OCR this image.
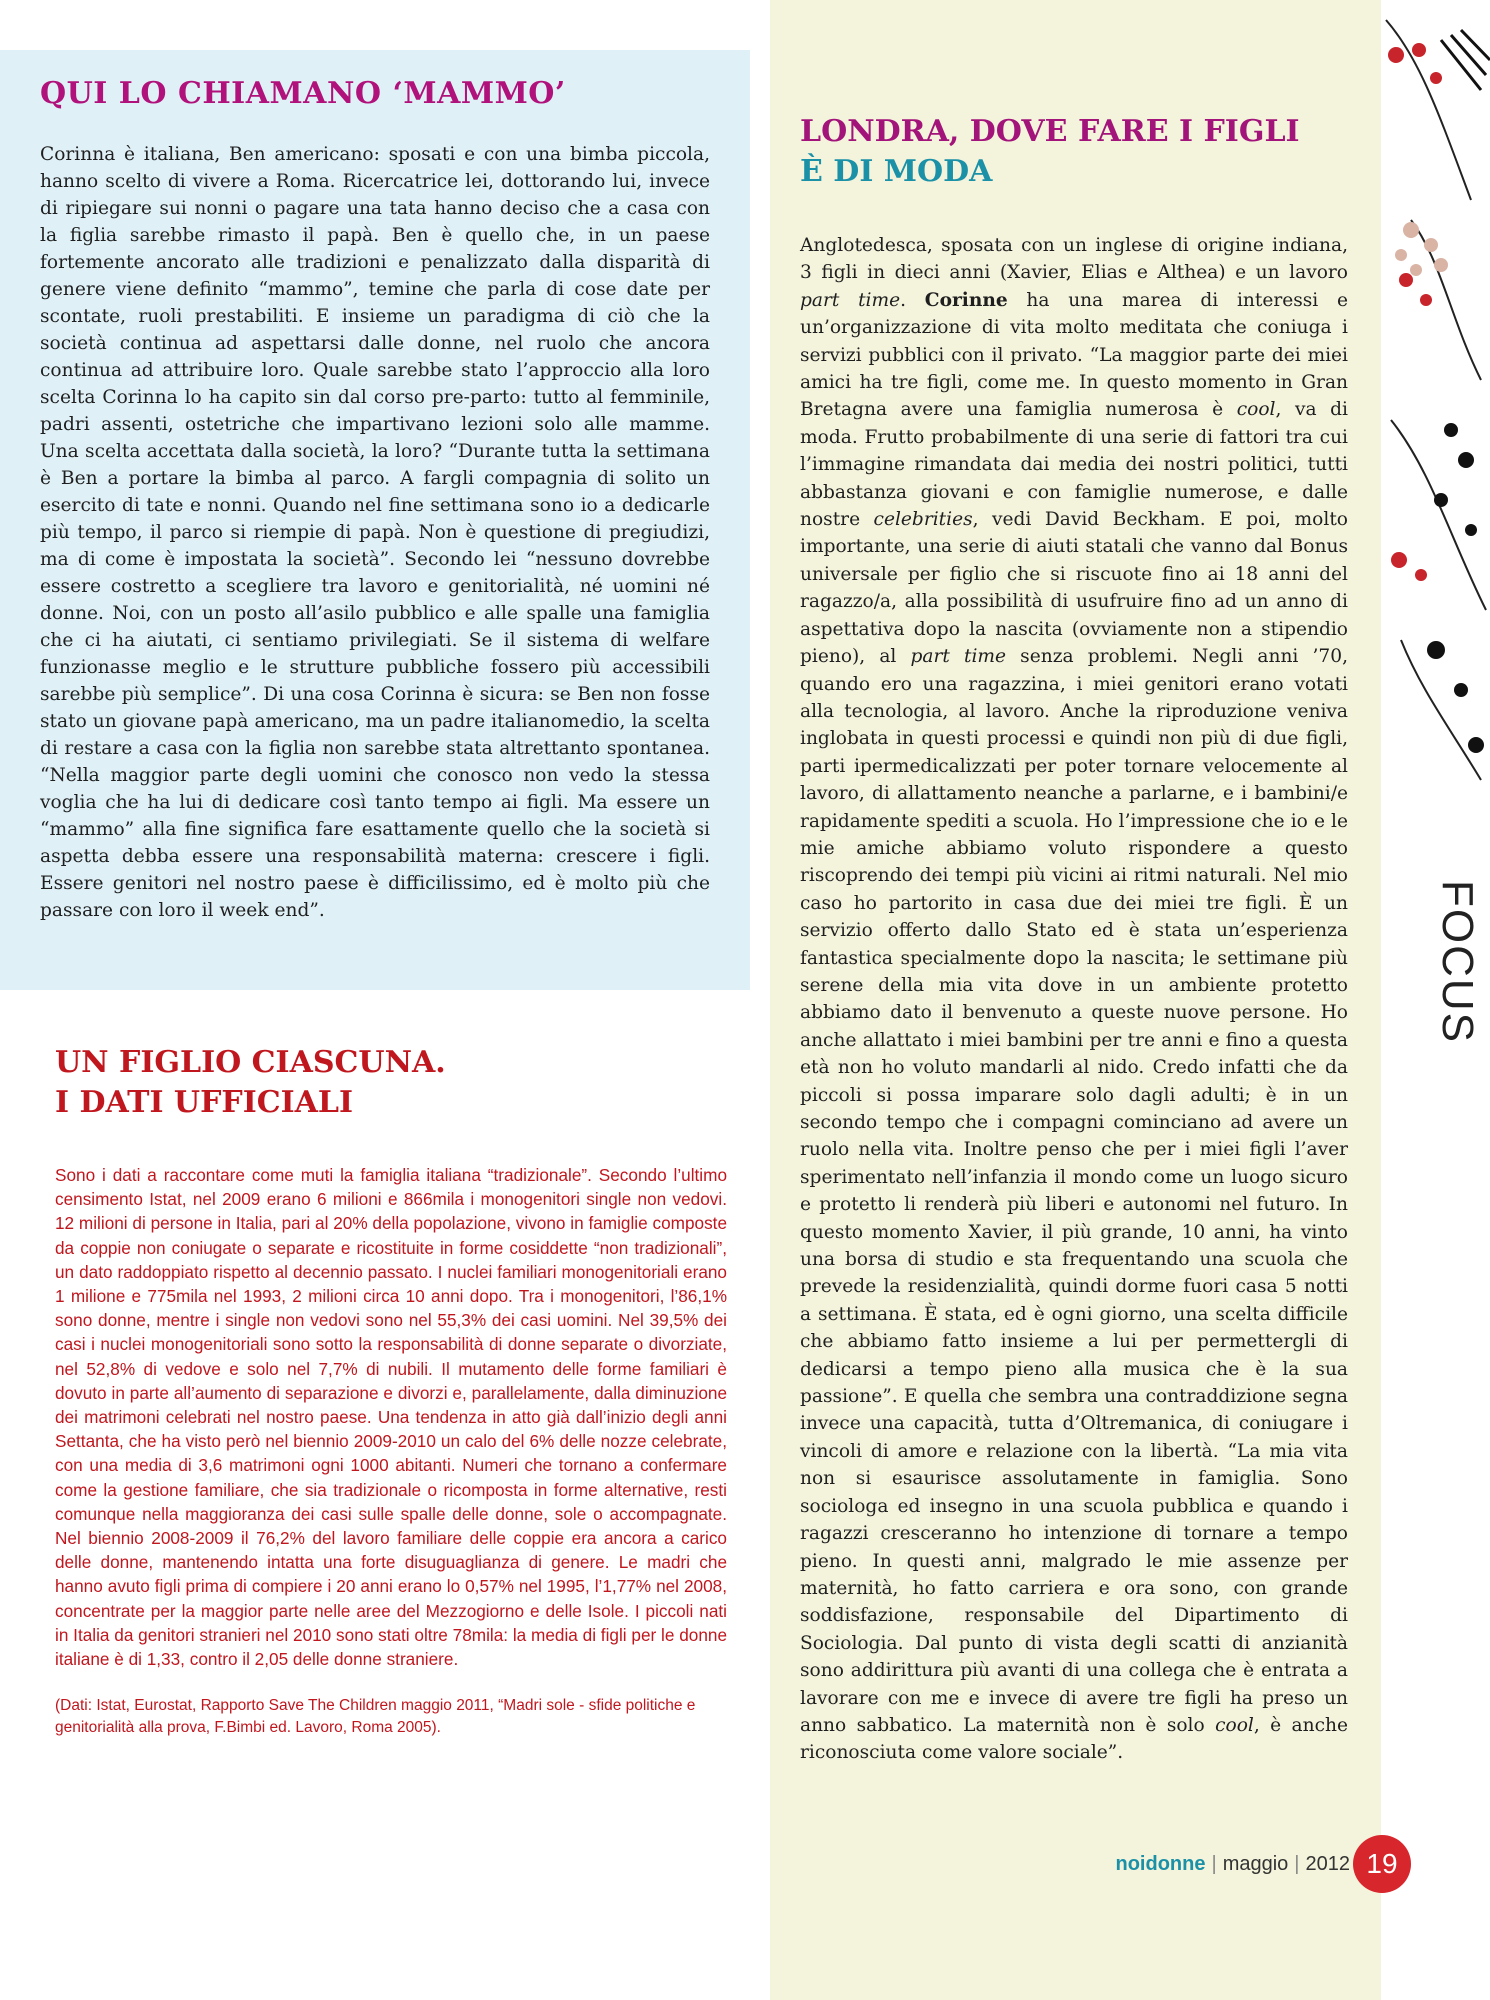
QUI LO CHIAMANO ‘MAMMO’

Corinna è italiana, Ben americano: sposati e con una bimba piccola, hanno scelto di vivere a Roma. Ricercatrice lei, dottorando lui, invece di ripiegare sui nonni o pagare una tata hanno deciso che a casa con la figlia sarebbe rimasto il papà. Ben è quello che, in un paese fortemente ancorato alle tradizioni e penalizzato dalla disparità di genere viene definito “mammo”, temine che parla di cose date per scontate, ruoli prestabiliti. E insieme un paradigma di ciò che la società continua ad aspettarsi dalle donne, nel ruolo che ancora continua ad attribuire loro. Quale sarebbe stato l’approccio alla loro scelta Corinna lo ha capito sin dal corso pre-parto: tutto al femminile, padri assenti, ostetriche che impartivano lezioni solo alle mamme. Una scelta accettata dalla società, la loro? “Durante tutta la settimana è Ben a portare la bimba al parco. A fargli compagnia di solito un esercito di tate e nonni. Quando nel fine settimana sono io a dedicarle più tempo, il parco si riempie di papà. Non è questione di pregiudizi, ma di come è impostata la società”. Secondo lei “nessuno dovrebbe essere costretto a scegliere tra lavoro e genitorialità, né uomini né donne. Noi, con un posto all’asilo pubblico e alle spalle una famiglia che ci ha aiutati, ci sentiamo privilegiati. Se il sistema di welfare funzionasse meglio e le strutture pubbliche fossero più accessibili sarebbe più semplice”. Di una cosa Corinna è sicura: se Ben non fosse stato un giovane papà americano, ma un padre italianomedio, la scelta di restare a casa con la figlia non sarebbe stata altrettanto spontanea. “Nella maggior parte degli uomini che conosco non vedo la stessa voglia che ha lui di dedicare così tanto tempo ai figli. Ma essere un “mammo” alla fine significa fare esattamente quello che la società si aspetta debba essere una responsabilità materna: crescere i figli. Essere genitori nel nostro paese è difficilissimo, ed è molto più che passare con loro il week end”.

UN FIGLIO CIASCUNA.
I DATI UFFICIALI

Sono i dati a raccontare come muti la famiglia italiana “tradizionale”. Secondo l’ultimo censimento Istat, nel 2009 erano 6 milioni e 866mila i monogenitori single non vedovi. 12 milioni di persone in Italia, pari al 20% della popolazione, vivono in famiglie composte da coppie non coniugate o separate e ricostituite in forme cosiddette “non tradizionali”, un dato raddoppiato rispetto al decennio passato. I nuclei familiari monogenitoriali erano 1 milione e 775mila nel 1993, 2 milioni circa 10 anni dopo. Tra i monogenitori, l’86,1% sono donne, mentre i single non vedovi sono nel 55,3% dei casi uomini. Nel 39,5% dei casi i nuclei monogenitoriali sono sotto la responsabilità di donne separate o divorziate, nel 52,8% di vedove e solo nel 7,7% di nubili. Il mutamento delle forme familiari è dovuto in parte all’aumento di separazione e divorzi e, parallelamente, dalla diminuzione dei matrimoni celebrati nel nostro paese. Una tendenza in atto già dall’inizio degli anni Settanta, che ha visto però nel biennio 2009-2010 un calo del 6% delle nozze celebrate, con una media di 3,6 matrimoni ogni 1000 abitanti. Numeri che tornano a confermare come la gestione familiare, che sia tradizionale o ricomposta in forme alternative, resti comunque nella maggioranza dei casi sulle spalle delle donne, sole o accompagnate. Nel biennio 2008-2009 il 76,2% del lavoro familiare delle coppie era ancora a carico delle donne, mantenendo intatta una forte disuguaglianza di genere. Le madri che hanno avuto figli prima di compiere i 20 anni erano lo 0,57% nel 1995, l’1,77% nel 2008, concentrate per la maggior parte nelle aree del Mezzogiorno e delle Isole. I piccoli nati in Italia da genitori stranieri nel 2010 sono stati oltre 78mila: la media di figli per le donne italiane è di 1,33, contro il 2,05 delle donne straniere.

(Dati: Istat, Eurostat, Rapporto Save The Children maggio 2011, “Madri sole - sfide politiche e genitorialità alla prova, F.Bimbi ed. Lavoro, Roma 2005).

LONDRA, DOVE FARE I FIGLI
È DI MODA

Anglotedesca, sposata con un inglese di origine indiana, 3 figli in dieci anni (Xavier, Elias e Althea) e un lavoro part time. Corinne ha una marea di interessi e un’organizzazione di vita molto meditata che coniuga i servizi pubblici con il privato. “La maggior parte dei miei amici ha tre figli, come me. In questo momento in Gran Bretagna avere una famiglia numerosa è cool, va di moda. Frutto probabilmente di una serie di fattori tra cui l’immagine rimandata dai media dei nostri politici, tutti abbastanza giovani e con famiglie numerose, e dalle nostre celebrities, vedi David Beckham. E poi, molto importante, una serie di aiuti statali che vanno dal Bonus universale per figlio che si riscuote fino ai 18 anni del ragazzo/a, alla possibilità di usufruire fino ad un anno di aspettativa dopo la nascita (ovviamente non a stipendio pieno), al part time senza problemi. Negli anni ’70, quando ero una ragazzina, i miei genitori erano votati alla tecnologia, al lavoro. Anche la riproduzione veniva inglobata in questi processi e quindi non più di due figli, parti ipermedicalizzati per poter tornare velocemente al lavoro, di allattamento neanche a parlarne, e i bambini/e rapidamente spediti a scuola. Ho l’impressione che io e le mie amiche abbiamo voluto rispondere a questo riscoprendo dei tempi più vicini ai ritmi naturali. Nel mio caso ho partorito in casa due dei miei tre figli. È un servizio offerto dallo Stato ed è stata un’esperienza fantastica specialmente dopo la nascita; le settimane più serene della mia vita dove in un ambiente protetto abbiamo dato il benvenuto a queste nuove persone. Ho anche allattato i miei bambini per tre anni e fino a questa età non ho voluto mandarli al nido. Credo infatti che da piccoli si possa imparare solo dagli adulti; è in un secondo tempo che i compagni cominciano ad avere un ruolo nella vita. Inoltre penso che per i miei figli l’aver sperimentato nell’infanzia il mondo come un luogo sicuro e protetto li renderà più liberi e autonomi nel futuro. In questo momento Xavier, il più grande, 10 anni, ha vinto una borsa di studio e sta frequentando una scuola che prevede la residenzialità, quindi dorme fuori casa 5 notti a settimana. È stata, ed è ogni giorno, una scelta difficile che abbiamo fatto insieme a lui per permettergli di dedicarsi a tempo pieno alla musica che è la sua passione”. E quella che sembra una contraddizione segna invece una capacità, tutta d’Oltremanica, di coniugare i vincoli di amore e relazione con la libertà. “La mia vita non si esaurisce assolutamente in famiglia. Sono sociologa ed insegno in una scuola pubblica e quando i ragazzi cresceranno ho intenzione di tornare a tempo pieno. In questi anni, malgrado le mie assenze per maternità, ho fatto carriera e ora sono, con grande soddisfazione, responsabile del Dipartimento di Sociologia. Dal punto di vista degli scatti di anzianità sono addirittura più avanti di una collega che è entrata a lavorare con me e invece di avere tre figli ha preso un anno sabbatico. La maternità non è solo cool, è anche riconosciuta come valore sociale”.

FOCUS
noidonne | maggio | 2012 19
